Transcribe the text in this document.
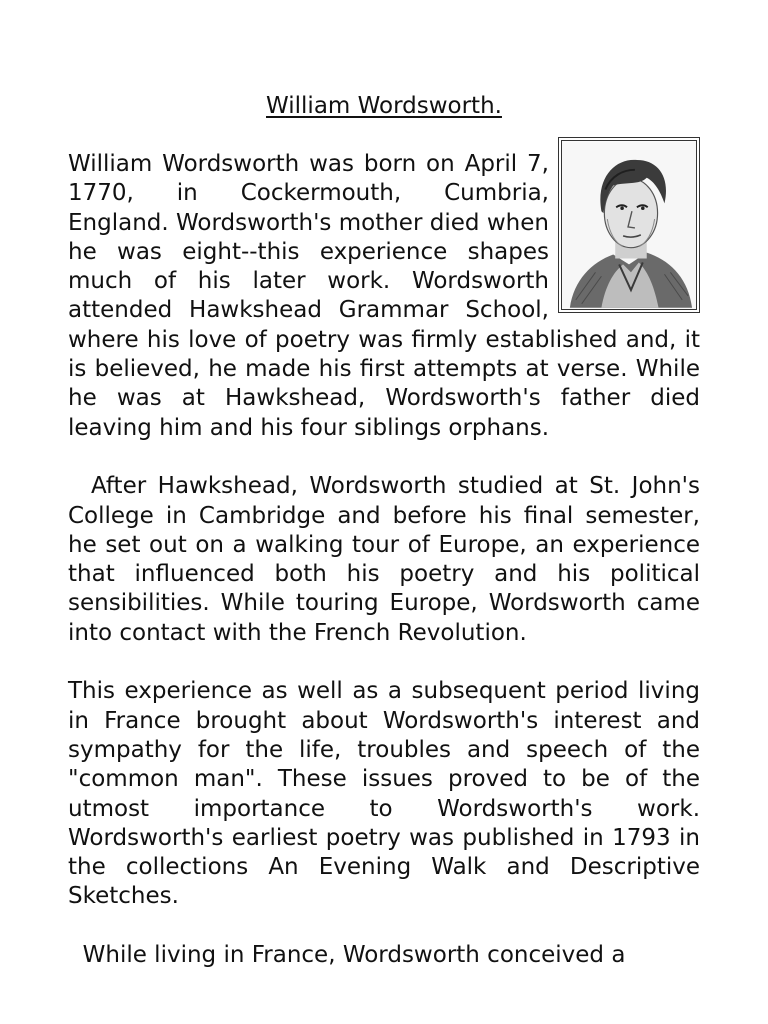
William Wordsworth.

William Wordsworth was born on April 7, 1770, in Cockermouth, Cumbria, England. Wordsworth's mother died when he was eight--this experience shapes much of his later work. Wordsworth attended Hawkshead Grammar School, where his love of poetry was firmly established and, it is believed, he made his first attempts at verse. While he was at Hawkshead, Wordsworth's father died leaving him and his four siblings orphans.

After Hawkshead, Wordsworth studied at St. John's College in Cambridge and before his final semester, he set out on a walking tour of Europe, an experience that influenced both his poetry and his political sensibilities. While touring Europe, Wordsworth came into contact with the French Revolution.

This experience as well as a subsequent period living in France brought about Wordsworth's interest and sympathy for the life, troubles and speech of the "common man". These issues proved to be of the utmost importance to Wordsworth's work. Wordsworth's earliest poetry was published in 1793 in the collections An Evening Walk and Descriptive Sketches.

While living in France, Wordsworth conceived a
